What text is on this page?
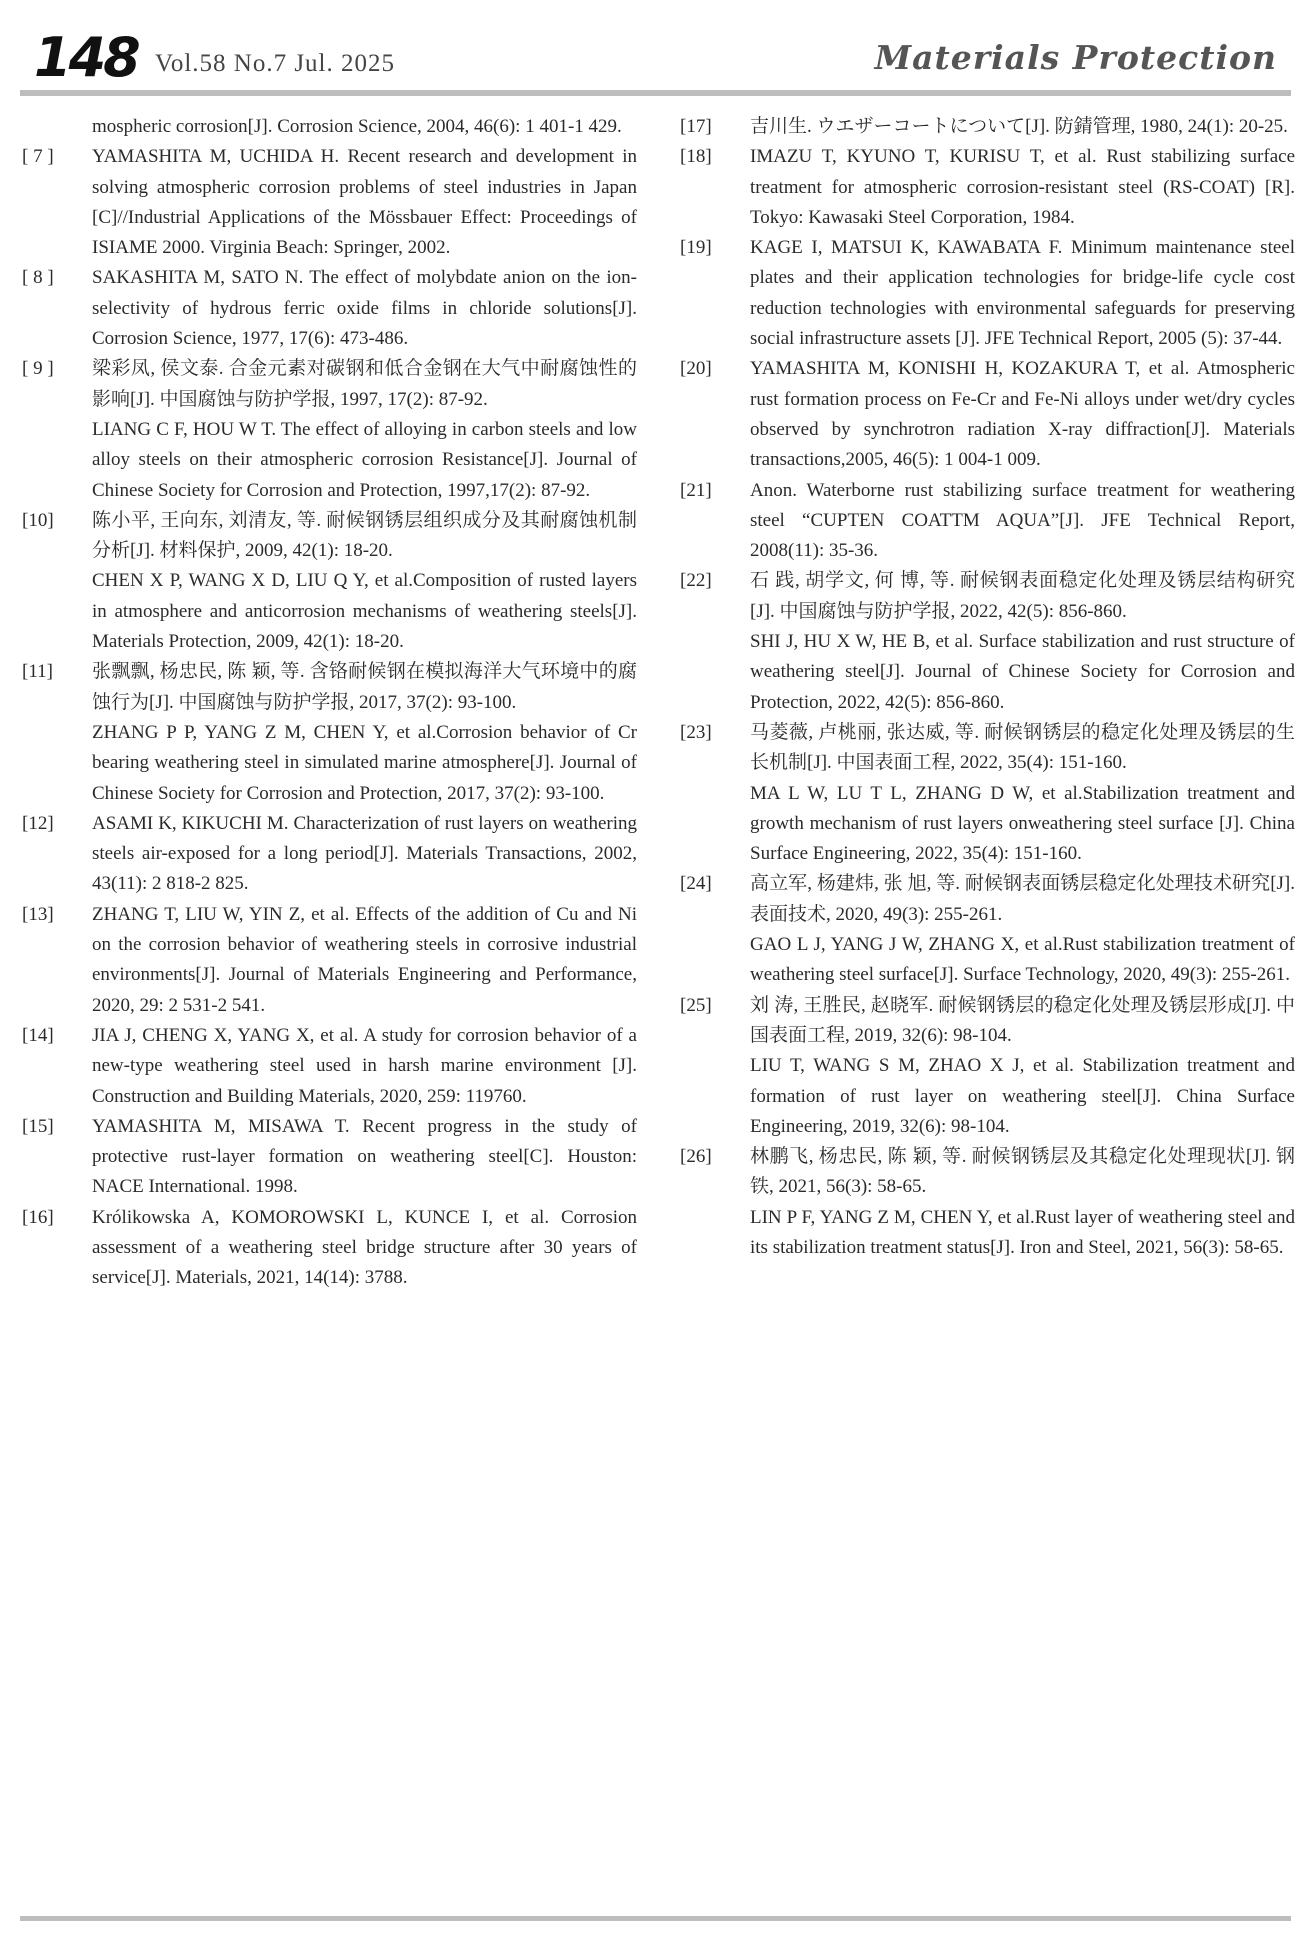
148 Vol.58 No.7 Jul. 2025	Materials Protection

mospheric corrosion[J]. Corrosion Science, 2004, 46(6): 1 401-1 429.

[ 7 ]	YAMASHITA M, UCHIDA H. Recent research and development in solving atmospheric corrosion problems of steel industries in Japan [C]//Industrial Applications of the Mössbauer Effect: Proceedings of ISIAME 2000. Virginia Beach: Springer, 2002.

[ 8 ]	SAKASHITA M, SATO N. The effect of molybdate anion on the ion-selectivity of hydrous ferric oxide films in chloride solutions[J]. Corrosion Science, 1977, 17(6): 473-486.

[ 9 ]	梁彩凤, 侯文泰. 合金元素对碳钢和低合金钢在大气中耐腐蚀性的影响[J]. 中国腐蚀与防护学报, 1997, 17(2): 87-92.
LIANG C F, HOU W T. The effect of alloying in carbon steels and low alloy steels on their atmospheric corrosion Resistance[J]. Journal of Chinese Society for Corrosion and Protection, 1997,17(2): 87-92.

[10]	陈小平, 王向东, 刘清友, 等. 耐候钢锈层组织成分及其耐腐蚀机制分析[J]. 材料保护, 2009, 42(1): 18-20.
CHEN X P, WANG X D, LIU Q Y, et al.Composition of rusted layers in atmosphere and anticorrosion mechanisms of weathering steels[J]. Materials Protection, 2009, 42(1): 18-20.

[11]	张飘飘, 杨忠民, 陈 颖, 等. 含铬耐候钢在模拟海洋大气环境中的腐蚀行为[J]. 中国腐蚀与防护学报, 2017, 37(2): 93-100.
ZHANG P P, YANG Z M, CHEN Y, et al.Corrosion behavior of Cr bearing weathering steel in simulated marine atmosphere[J]. Journal of Chinese Society for Corrosion and Protection, 2017, 37(2): 93-100.

[12]	ASAMI K, KIKUCHI M. Characterization of rust layers on weathering steels air-exposed for a long period[J]. Materials Transactions, 2002, 43(11): 2 818-2 825.

[13]	ZHANG T, LIU W, YIN Z, et al. Effects of the addition of Cu and Ni on the corrosion behavior of weathering steels in corrosive industrial environments[J]. Journal of Materials Engineering and Performance, 2020, 29: 2 531-2 541.

[14]	JIA J, CHENG X, YANG X, et al. A study for corrosion behavior of a new-type weathering steel used in harsh marine environment [J]. Construction and Building Materials, 2020, 259: 119760.

[15]	YAMASHITA M, MISAWA T. Recent progress in the study of protective rust-layer formation on weathering steel[C]. Houston: NACE International. 1998.

[16]	Królikowska A, KOMOROWSKI L, KUNCE I, et al. Corrosion assessment of a weathering steel bridge structure after 30 years of service[J]. Materials, 2021, 14(14): 3788.

[17]	吉川生. ウエザーコートについて[J]. 防錆管理, 1980, 24(1): 20-25.

[18]	IMAZU T, KYUNO T, KURISU T, et al. Rust stabilizing surface treatment for atmospheric corrosion-resistant steel (RS-COAT) [R]. Tokyo: Kawasaki Steel Corporation, 1984.

[19]	KAGE I, MATSUI K, KAWABATA F. Minimum maintenance steel plates and their application technologies for bridge-life cycle cost reduction technologies with environmental safeguards for preserving social infrastructure assets [J]. JFE Technical Report, 2005 (5): 37-44.

[20]	YAMASHITA M, KONISHI H, KOZAKURA T, et al. Atmospheric rust formation process on Fe-Cr and Fe-Ni alloys under wet/dry cycles observed by synchrotron radiation X-ray diffraction[J]. Materials transactions,2005, 46(5): 1 004-1 009.

[21]	Anon. Waterborne rust stabilizing surface treatment for weathering steel “CUPTEN COATTM AQUA”[J]. JFE Technical Report, 2008(11): 35-36.

[22]	石 践, 胡学文, 何 博, 等. 耐候钢表面稳定化处理及锈层结构研究[J]. 中国腐蚀与防护学报, 2022, 42(5): 856-860.
SHI J, HU X W, HE B, et al. Surface stabilization and rust structure of weathering steel[J]. Journal of Chinese Society for Corrosion and Protection, 2022, 42(5): 856-860.

[23]	马菱薇, 卢桃丽, 张达威, 等. 耐候钢锈层的稳定化处理及锈层的生长机制[J]. 中国表面工程, 2022, 35(4): 151-160.
MA L W, LU T L, ZHANG D W, et al.Stabilization treatment and growth mechanism of rust layers onweathering steel surface [J]. China Surface Engineering, 2022, 35(4): 151-160.

[24]	高立军, 杨建炜, 张 旭, 等. 耐候钢表面锈层稳定化处理技术研究[J]. 表面技术, 2020, 49(3): 255-261.
GAO L J, YANG J W, ZHANG X, et al.Rust stabilization treatment of weathering steel surface[J]. Surface Technology, 2020, 49(3): 255-261.

[25]	刘 涛, 王胜民, 赵晓军. 耐候钢锈层的稳定化处理及锈层形成[J]. 中国表面工程, 2019, 32(6): 98-104.
LIU T, WANG S M, ZHAO X J, et al. Stabilization treatment and formation of rust layer on weathering steel[J]. China Surface Engineering, 2019, 32(6): 98-104.

[26]	林鹏飞, 杨忠民, 陈 颖, 等. 耐候钢锈层及其稳定化处理现状[J]. 钢铁, 2021, 56(3): 58-65.
LIN P F, YANG Z M, CHEN Y, et al.Rust layer of weathering steel and its stabilization treatment status[J]. Iron and Steel, 2021, 56(3): 58-65.
